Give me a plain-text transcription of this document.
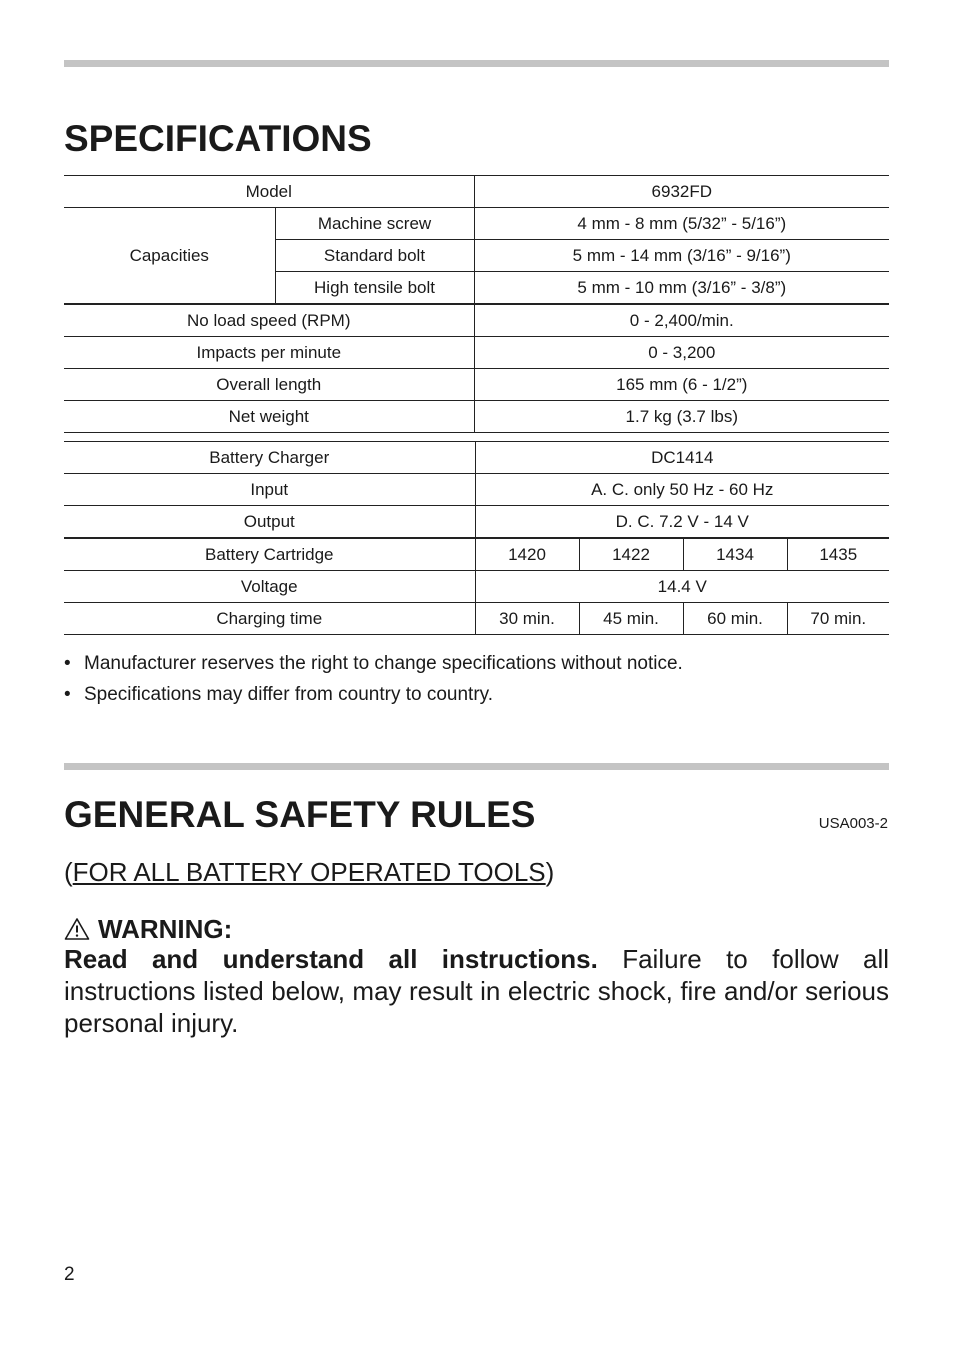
SPECIFICATIONS
Model		6932FD
Capacities	Machine screw	4 mm - 8 mm (5/32” - 5/16”)
	Standard bolt	5 mm - 14 mm (3/16” - 9/16”)
	High tensile bolt	5 mm - 10 mm (3/16” - 3/8”)
No load speed (RPM)		0 - 2,400/min.
Impacts per minute		0 - 3,200
Overall length		165 mm (6 - 1/2”)
Net weight		1.7 kg (3.7 lbs)
Battery Charger	DC1414			
Input	A. C. only 50 Hz - 60 Hz			
Output	D. C. 7.2 V - 14 V			
Battery Cartridge	1420	1422	1434	1435
Voltage	14.4 V			
Charging time	30 min.	45 min.	60 min.	70 min.
• Manufacturer reserves the right to change specifications without notice.
• Specifications may differ from country to country.
GENERAL SAFETY RULES	USA003-2
(FOR ALL BATTERY OPERATED TOOLS)
WARNING:
Read and understand all instructions. Failure to follow all instructions listed below, may result in electric shock, fire and/or serious personal injury.
2
